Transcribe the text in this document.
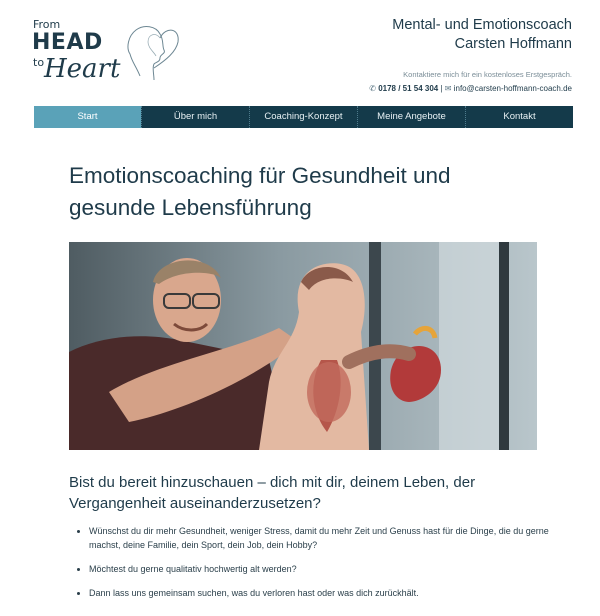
From
HEAD
to Heart
Mental- und Emotionscoach
Carsten Hoffmann
Kontaktiere mich für ein kostenloses Erstgespräch.
✆ 0178 / 51 54 304 | ✉ info@carsten-hoffmann-coach.de
Start	Über mich	Coaching-Konzept	Meine Angebote	Kontakt
Emotionscoaching für Gesundheit und gesunde Lebensführung
Bist du bereit hinzuschauen – dich mit dir, deinem Leben, der Vergangenheit auseinanderzusetzen?
• Wünschst du dir mehr Gesundheit, weniger Stress, damit du mehr Zeit und Genuss hast für die Dinge, die du gerne machst, deine Familie, dein Sport, dein Job, dein Hobby?
• Möchtest du gerne qualitativ hochwertig alt werden?
• Dann lass uns gemeinsam suchen, was du verloren hast oder was dich zurückhält.
